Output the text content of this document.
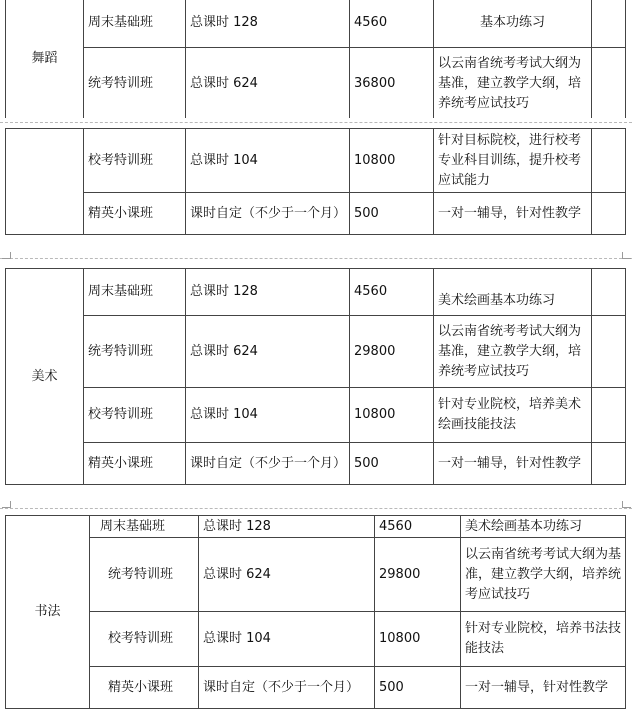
舞蹈	周末基础班	总课时 128	4560	基本功练习	
	统考特训班	总课时 624	36800	以云南省统考考试大纲为基准，建立教学大纲，培养统考应试技巧	
	校考特训班	总课时 104	10800	针对目标院校，进行校考专业科目训练，提升校考应试能力	
	精英小课班	课时自定（不少于一个月）	500	一对一辅导，针对性教学	
美术	周末基础班	总课时 128	4560	美术绘画基本功练习	
	统考特训班	总课时 624	29800	以云南省统考考试大纲为基准，建立教学大纲，培养统考应试技巧	
	校考特训班	总课时 104	10800	针对专业院校，培养美术绘画技能技法	
	精英小课班	课时自定（不少于一个月）	500	一对一辅导，针对性教学	
书法	周末基础班	总课时 128	4560	美术绘画基本功练习
	统考特训班	总课时 624	29800	以云南省统考考试大纲为基准，建立教学大纲，培养统考应试技巧
	校考特训班	总课时 104	10800	针对专业院校，培养书法技能技法
	精英小课班	课时自定（不少于一个月）	500	一对一辅导，针对性教学
